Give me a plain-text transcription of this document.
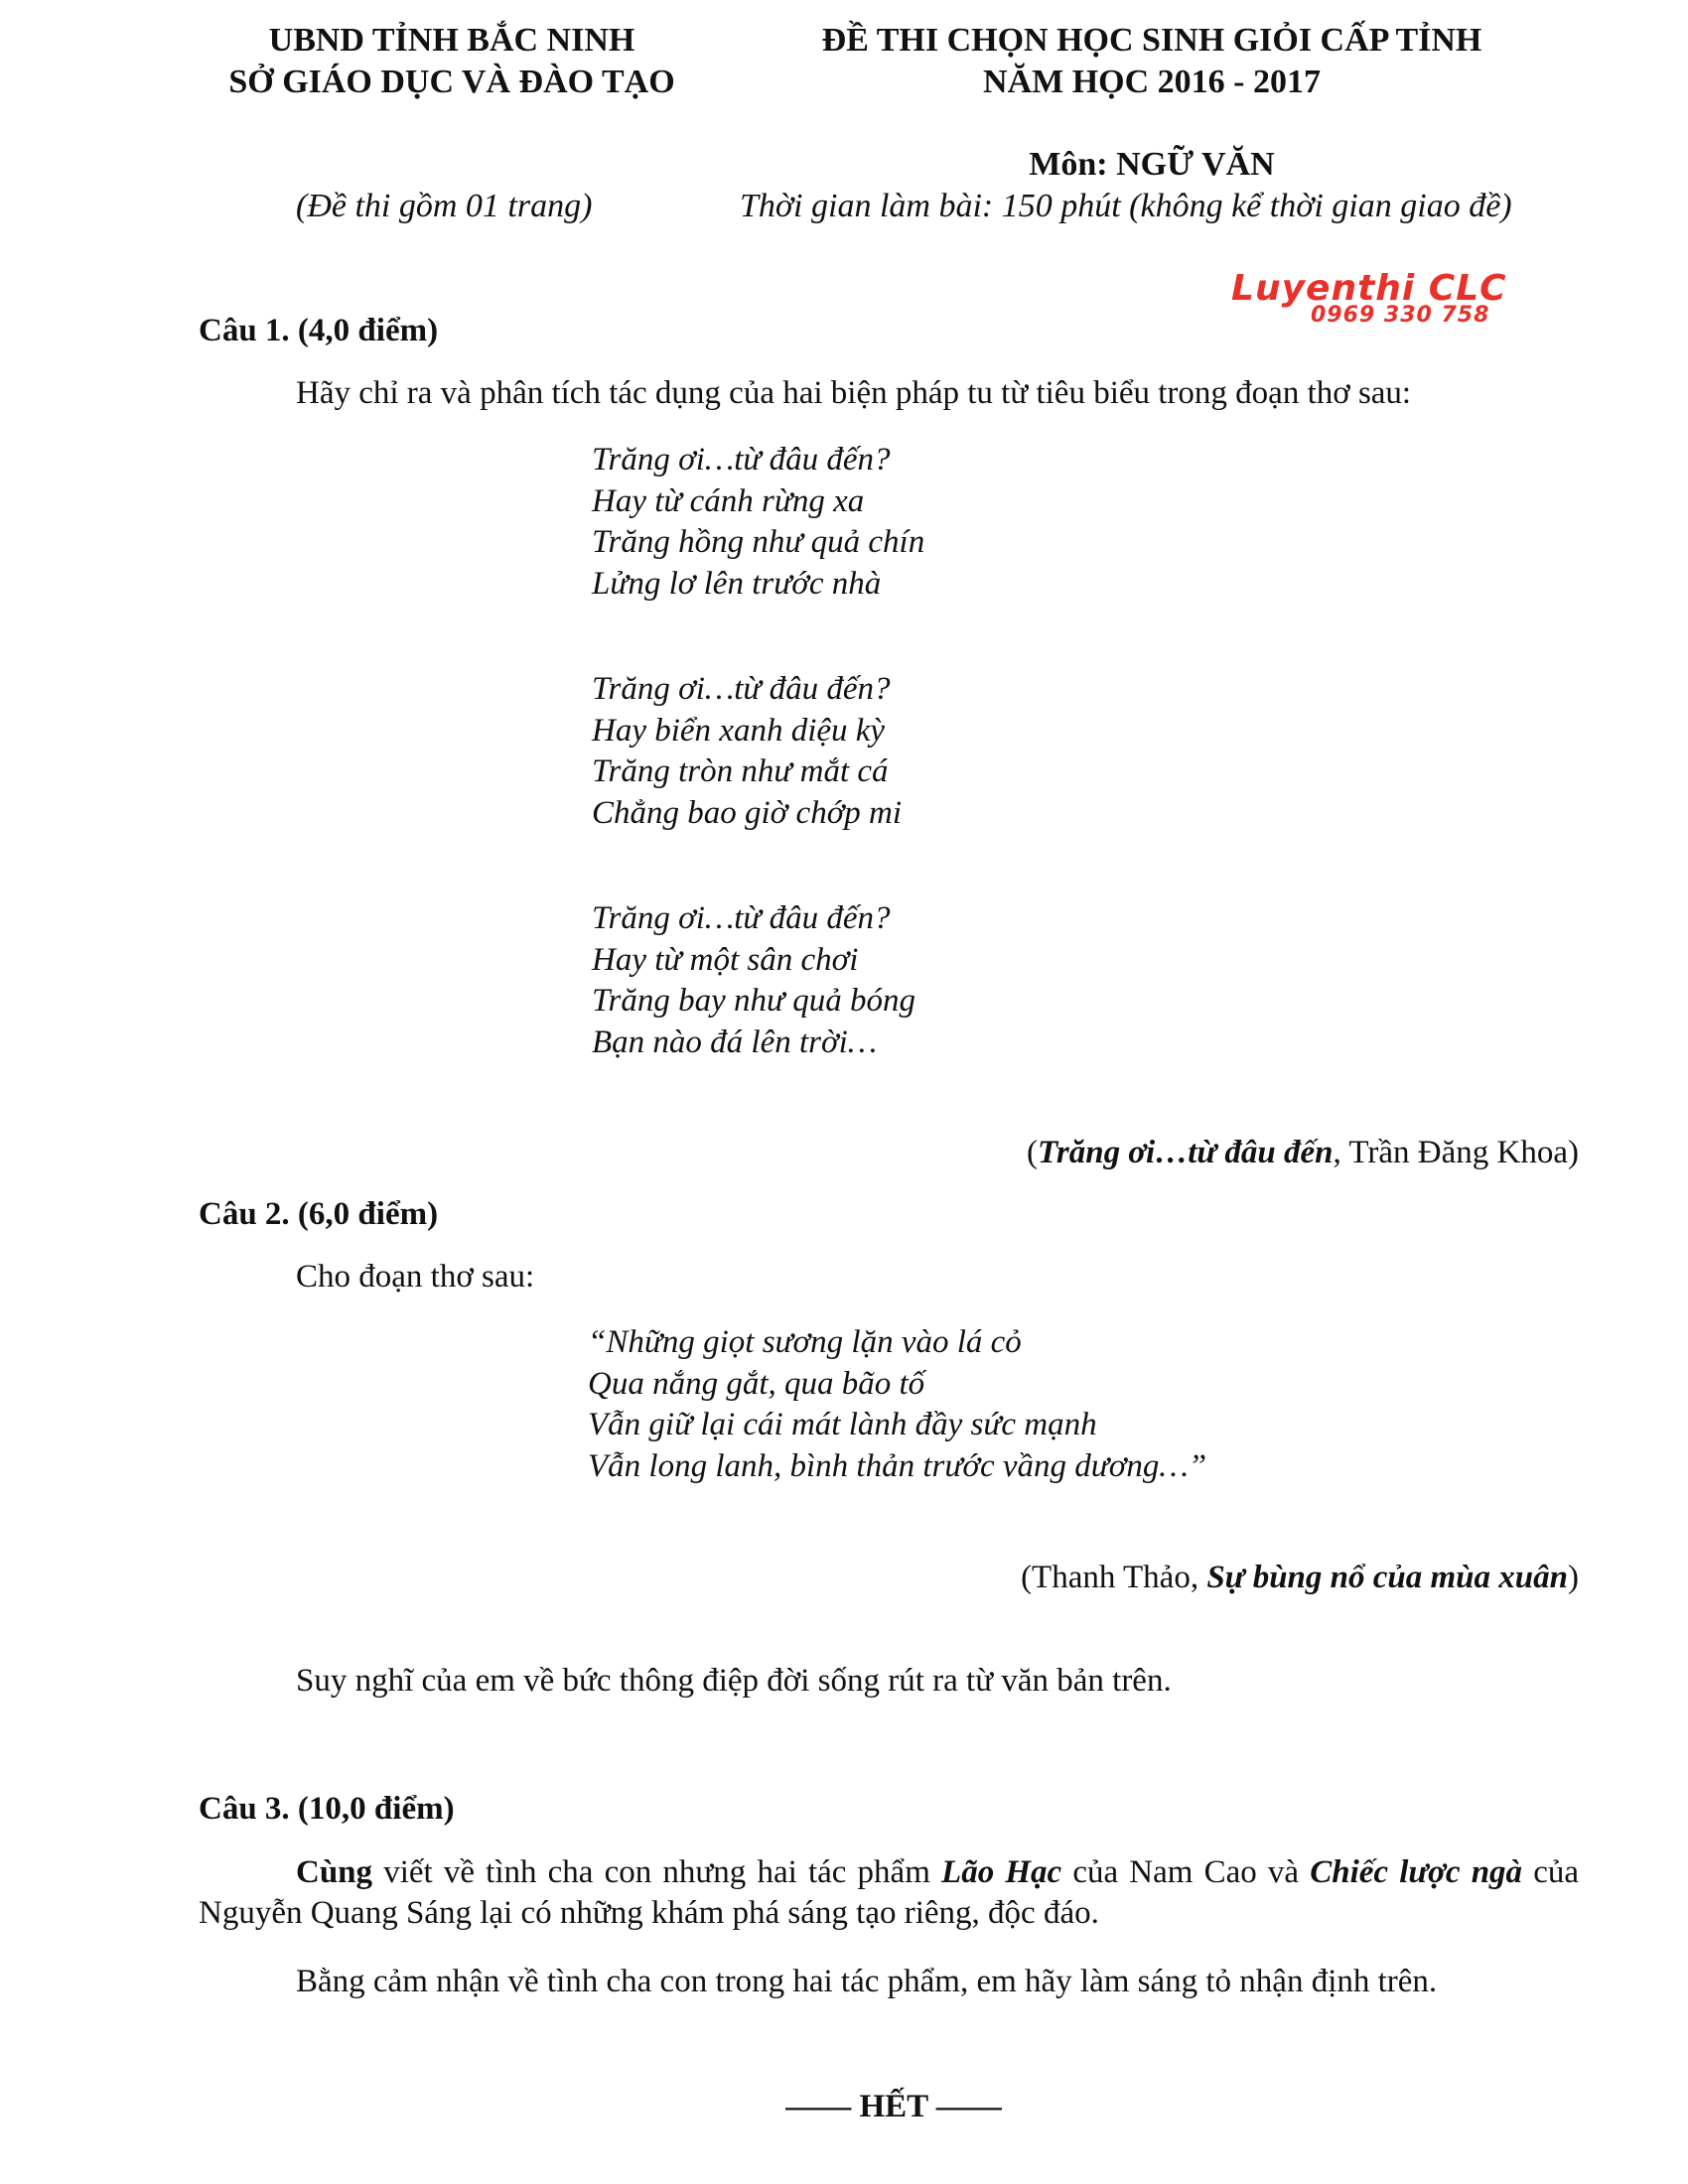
UBND TỈNH BẮC NINH
SỞ GIÁO DỤC VÀ ĐÀO TẠO
ĐỀ THI CHỌN HỌC SINH GIỎI CẤP TỈNH
NĂM HỌC 2016 - 2017
Môn: NGỮ VĂN
(Đề thi gồm 01 trang)	Thời gian làm bài: 150 phút (không kể thời gian giao đề)
Luyenthi CLC
0969 330 758
Câu 1. (4,0 điểm)
Hãy chỉ ra và phân tích tác dụng của hai biện pháp tu từ tiêu biểu trong đoạn thơ sau:
Trăng ơi…từ đâu đến?
Hay từ cánh rừng xa
Trăng hồng như quả chín
Lửng lơ lên trước nhà
Trăng ơi…từ đâu đến?
Hay biển xanh diệu kỳ
Trăng tròn như mắt cá
Chẳng bao giờ chớp mi
Trăng ơi…từ đâu đến?
Hay từ một sân chơi
Trăng bay như quả bóng
Bạn nào đá lên trời…
(Trăng ơi…từ đâu đến, Trần Đăng Khoa)
Câu 2. (6,0 điểm)
Cho đoạn thơ sau:
“Những giọt sương lặn vào lá cỏ
Qua nắng gắt, qua bão tố
Vẫn giữ lại cái mát lành đầy sức mạnh
Vẫn long lanh, bình thản trước vầng dương…”
(Thanh Thảo, Sự bùng nổ của mùa xuân)
Suy nghĩ của em về bức thông điệp đời sống rút ra từ văn bản trên.
Câu 3. (10,0 điểm)
Cùng viết về tình cha con nhưng hai tác phẩm Lão Hạc của Nam Cao và Chiếc lược ngà của Nguyễn Quang Sáng lại có những khám phá sáng tạo riêng, độc đáo.
Bằng cảm nhận về tình cha con trong hai tác phẩm, em hãy làm sáng tỏ nhận định trên.
—— HẾT ——
